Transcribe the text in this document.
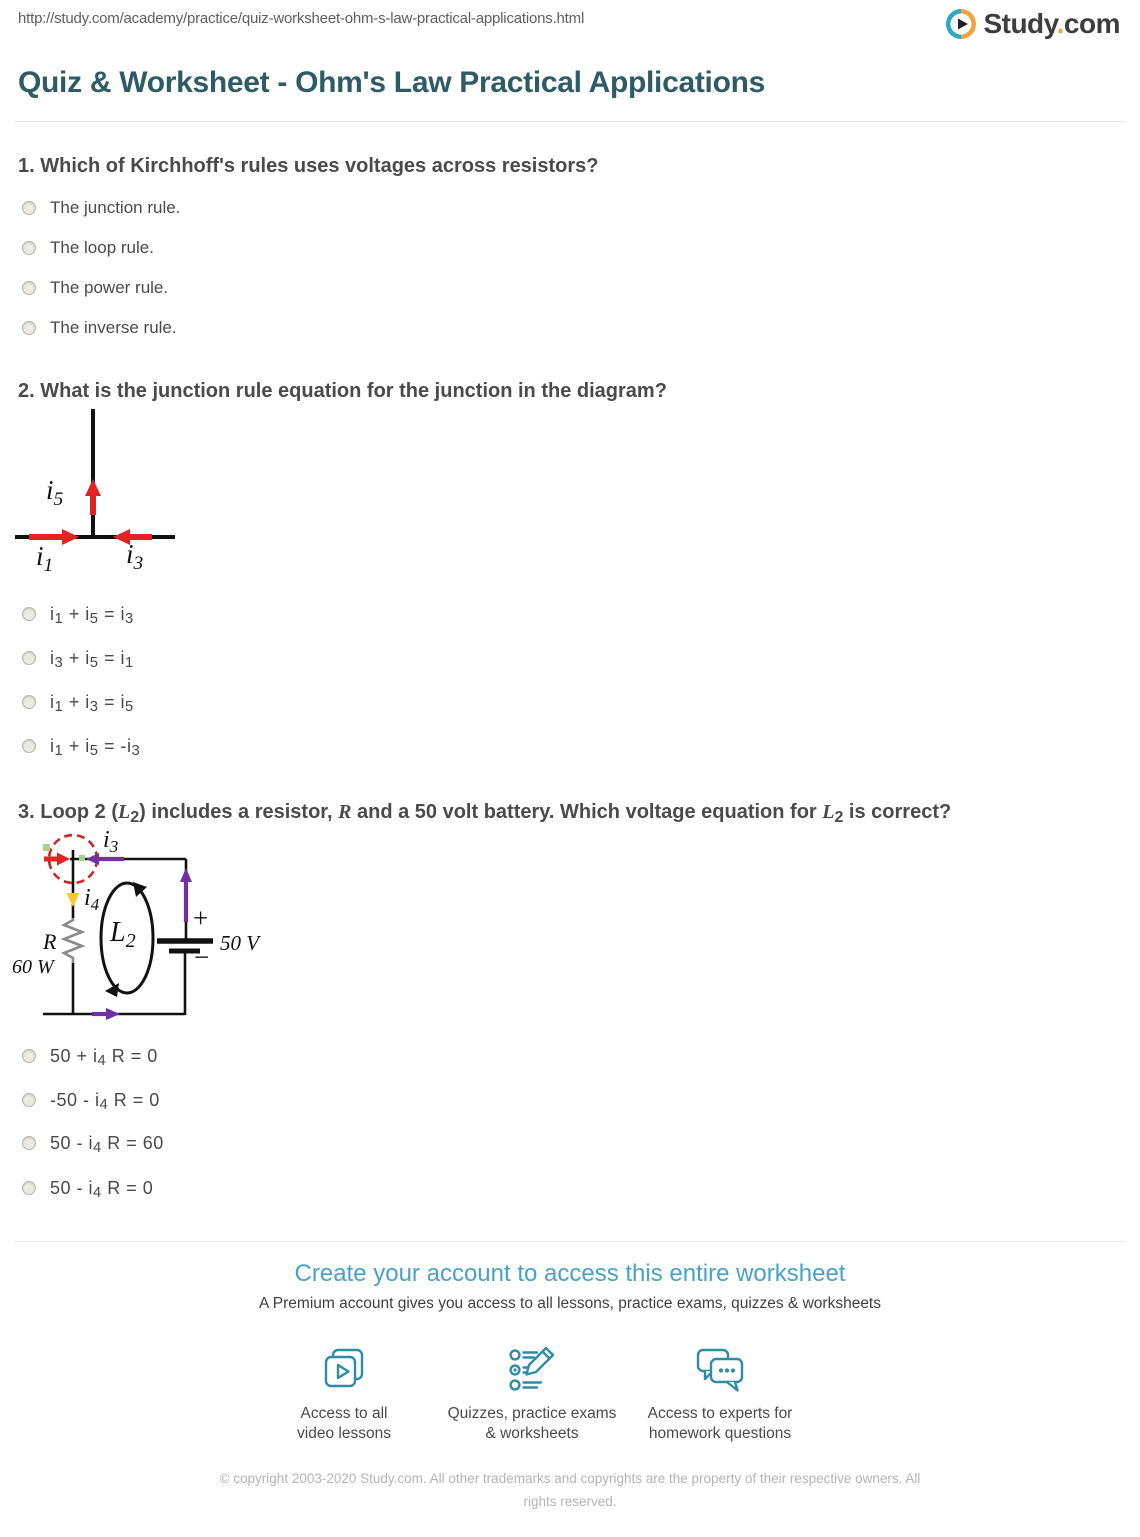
http://study.com/academy/practice/quiz-worksheet-ohm-s-law-practical-applications.html	Study.com
Quiz & Worksheet - Ohm's Law Practical Applications
1. Which of Kirchhoff's rules uses voltages across resistors?
The junction rule.
The loop rule.
The power rule.
The inverse rule.
2. What is the junction rule equation for the junction in the diagram?
$i_5$
$i_1$	$i_3$
$i_1 + i_5 = i_3$
$i_3 + i_5 = i_1$
$i_1 + i_3 = i_5$
$i_1 + i_5 = -i_3$
3. Loop 2 $(L_2)$ includes a resistor, R and a 50 volt battery. Which voltage equation for $L_2$ is correct?
$i_3$
$i_4$
R
60 W
$L_2$
+
− 50 V
$50 + i_4$ R = 0
$-50 - i_4$ R = 0
$50 - i_4$ R = 60
$50 - i_4$ R = 0
Create your account to access this entire worksheet
A Premium account gives you access to all lessons, practice exams, quizzes & worksheets
Access to all
video lessons
Quizzes, practice exams
& worksheets
Access to experts for
homework questions
© copyright 2003-2020 Study.com. All other trademarks and copyrights are the property of their respective owners. All rights reserved.
